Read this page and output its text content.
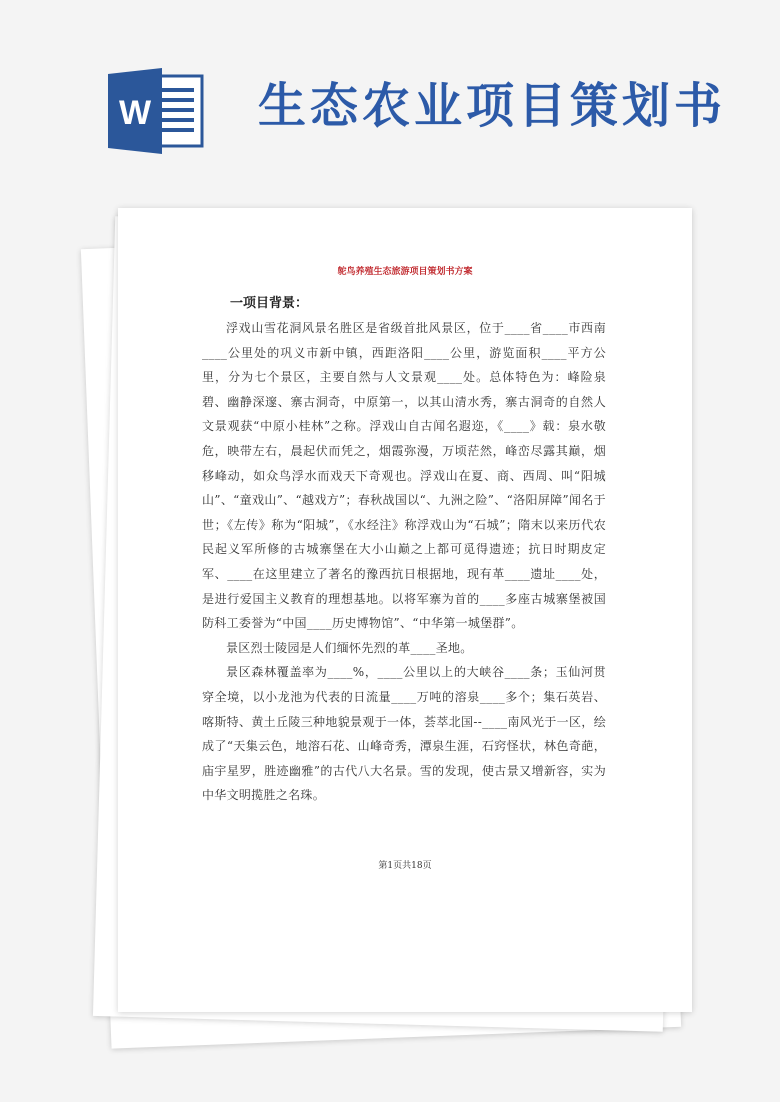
W 生态农业项目策划书
鸵鸟养殖生态旅游项目策划书方案
一项目背景：

浮戏山雪花洞风景名胜区是省级首批风景区，位于____省____市西南____公里处的巩义市新中镇，西距洛阳____公里，游览面积____平方公里，分为七个景区，主要自然与人文景观____处。总体特色为：峰险泉碧、幽静深邃、寨古洞奇，中原第一，以其山清水秀，寨古洞奇的自然人文景观获“中原小桂林”之称。浮戏山自古闻名遐迩，《____》载：泉水敬危，映带左右，晨起伏而凭之，烟霞弥漫，万顷茫然，峰峦尽露其巅，烟移峰动，如众鸟浮水而戏天下奇观也。浮戏山在夏、商、西周、叫“阳城山”、“童戏山”、“越戏方”；春秋战国以“、九洲之险”、“洛阳屏障”闻名于世；《左传》称为“阳城”，《水经注》称浮戏山为“石城”；隋末以来历代农民起义军所修的古城寨堡在大小山巅之上都可觅得遗迹；抗日时期皮定军、____在这里建立了著名的豫西抗日根据地，现有革____遗址____处，是进行爱国主义教育的理想基地。以将军寨为首的____多座古城寨堡被国防科工委誉为“中国____历史博物馆”、“中华第一城堡群”。

景区烈士陵园是人们缅怀先烈的革____圣地。

景区森林覆盖率为____%，____公里以上的大峡谷____条；玉仙河贯穿全境，以小龙池为代表的日流量____万吨的溶泉____多个；集石英岩、喀斯特、黄土丘陵三种地貌景观于一体，荟萃北国--____南风光于一区，绘成了“天集云色，地溶石花、山峰奇秀，潭泉生涯，石窍怪状，林色奇葩，庙宇星罗，胜迹幽雅”的古代八大名景。雪的发现，使古景又增新容，实为中华文明揽胜之名珠。

第1页共18页
